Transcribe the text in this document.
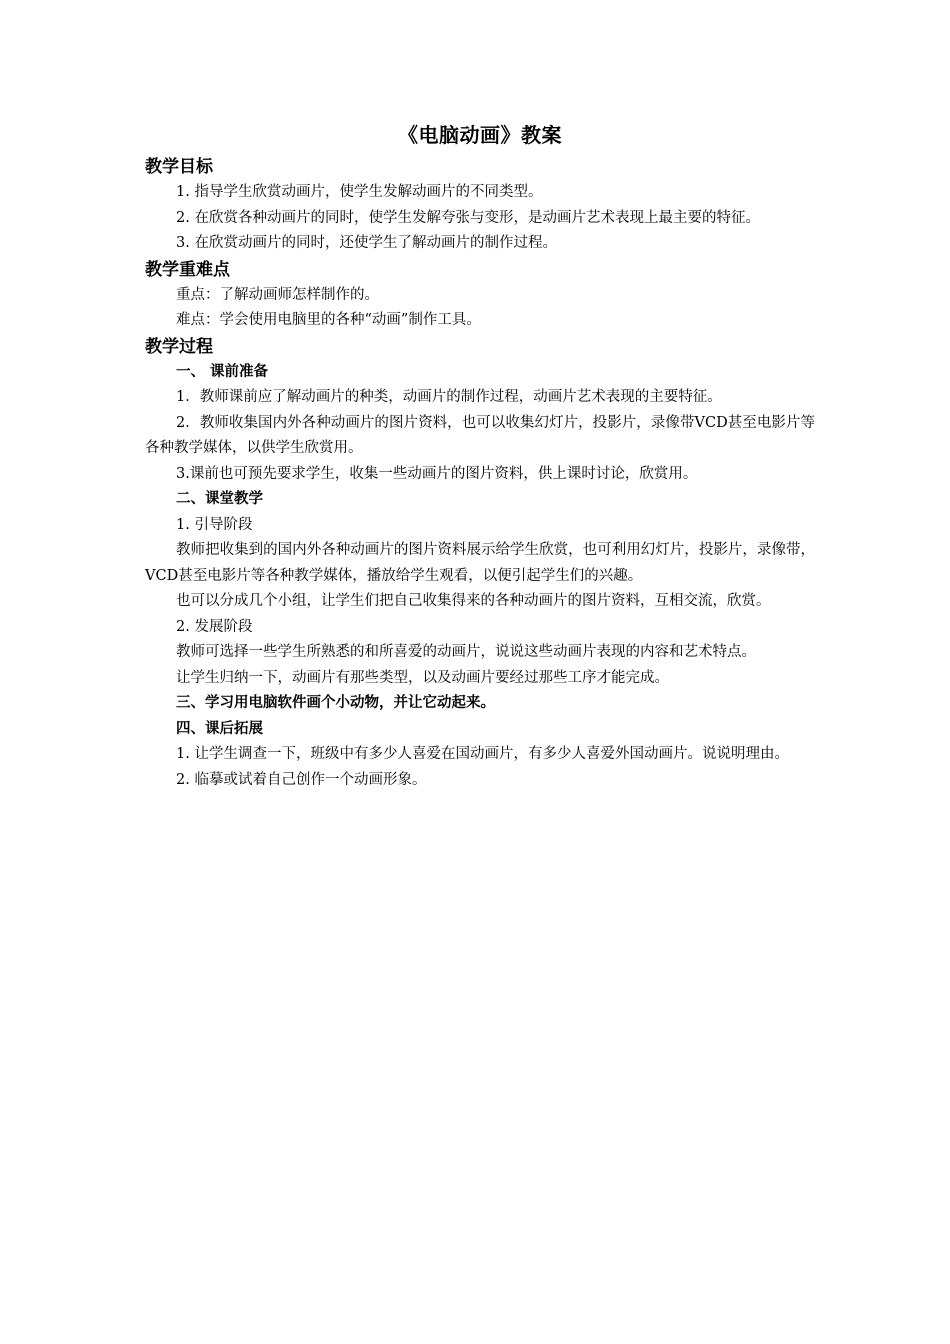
《电脑动画》教案
教学目标

1. 指导学生欣赏动画片，使学生发解动画片的不同类型。

2. 在欣赏各种动画片的同时，使学生发解夸张与变形，是动画片艺术表现上最主要的特征。

3. 在欣赏动画片的同时，还使学生了解动画片的制作过程。

教学重难点

重点：了解动画师怎样制作的。

难点：学会使用电脑里的各种“动画”制作工具。

教学过程

一、 课前准备

1．教师课前应了解动画片的种类，动画片的制作过程，动画片艺术表现的主要特征。

2．教师收集国内外各种动画片的图片资料，也可以收集幻灯片，投影片，录像带VCD甚至电影片等各种教学媒体，以供学生欣赏用。

3.课前也可预先要求学生，收集一些动画片的图片资料，供上课时讨论，欣赏用。

二、课堂教学

1. 引导阶段

教师把收集到的国内外各种动画片的图片资料展示给学生欣赏，也可利用幻灯片，投影片，录像带，VCD甚至电影片等各种教学媒体，播放给学生观看，以便引起学生们的兴趣。

也可以分成几个小组，让学生们把自己收集得来的各种动画片的图片资料，互相交流，欣赏。

2. 发展阶段

教师可选择一些学生所熟悉的和所喜爱的动画片，说说这些动画片表现的内容和艺术特点。

让学生归纳一下，动画片有那些类型，以及动画片要经过那些工序才能完成。

三、学习用电脑软件画个小动物，并让它动起来。

四、课后拓展

1. 让学生调查一下，班级中有多少人喜爱在国动画片，有多少人喜爱外国动画片。说说明理由。

2. 临摹或试着自己创作一个动画形象。
